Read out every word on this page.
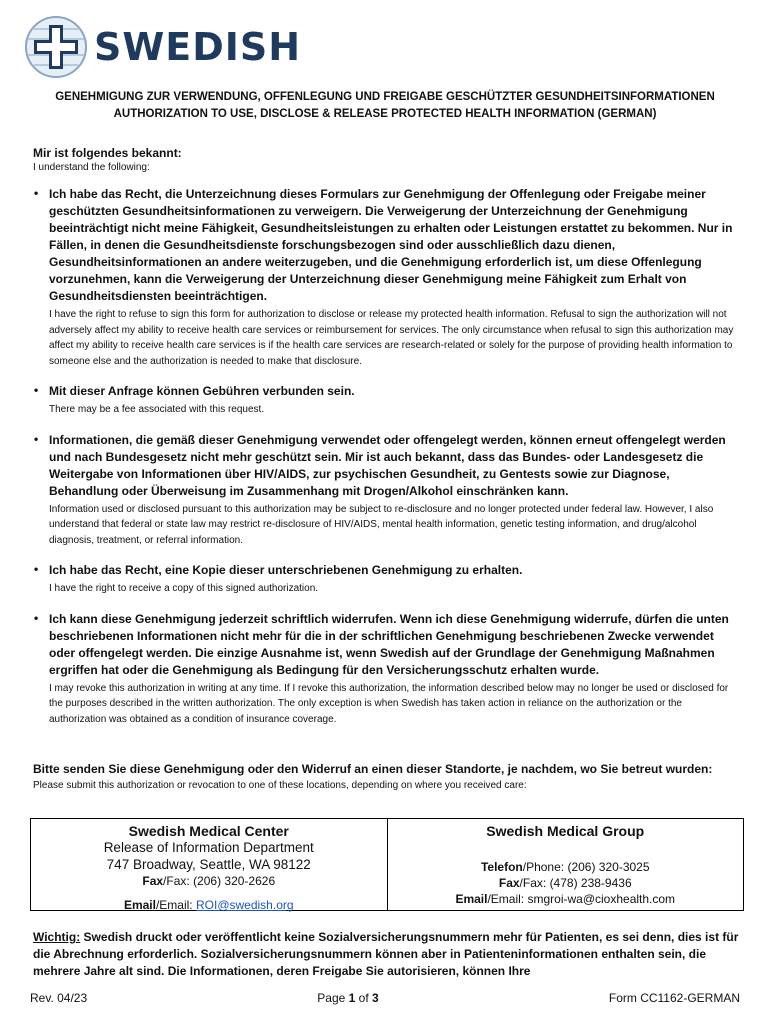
SWEDISH
GENEHMIGUNG ZUR VERWENDUNG, OFFENLEGUNG UND FREIGABE GESCHÜTZTER GESUNDHEITSINFORMATIONEN
AUTHORIZATION TO USE, DISCLOSE & RELEASE PROTECTED HEALTH INFORMATION (GERMAN)
Mir ist folgendes bekannt:
I understand the following:
• Ich habe das Recht, die Unterzeichnung dieses Formulars zur Genehmigung der Offenlegung oder Freigabe meiner geschützten Gesundheitsinformationen zu verweigern. Die Verweigerung der Unterzeichnung der Genehmigung beeinträchtigt nicht meine Fähigkeit, Gesundheitsleistungen zu erhalten oder Leistungen erstattet zu bekommen. Nur in Fällen, in denen die Gesundheitsdienste forschungsbezogen sind oder ausschließlich dazu dienen, Gesundheitsinformationen an andere weiterzugeben, und die Genehmigung erforderlich ist, um diese Offenlegung vorzunehmen, kann die Verweigerung der Unterzeichnung dieser Genehmigung meine Fähigkeit zum Erhalt von Gesundheitsdiensten beeinträchtigen.
I have the right to refuse to sign this form for authorization to disclose or release my protected health information. Refusal to sign the authorization will not adversely affect my ability to receive health care services or reimbursement for services. The only circumstance when refusal to sign this authorization may affect my ability to receive health care services is if the health care services are research-related or solely for the purpose of providing health information to someone else and the authorization is needed to make that disclosure.
• Mit dieser Anfrage können Gebühren verbunden sein.
There may be a fee associated with this request.
• Informationen, die gemäß dieser Genehmigung verwendet oder offengelegt werden, können erneut offengelegt werden und nach Bundesgesetz nicht mehr geschützt sein. Mir ist auch bekannt, dass das Bundes- oder Landesgesetz die Weitergabe von Informationen über HIV/AIDS, zur psychischen Gesundheit, zu Gentests sowie zur Diagnose, Behandlung oder Überweisung im Zusammenhang mit Drogen/Alkohol einschränken kann.
Information used or disclosed pursuant to this authorization may be subject to re-disclosure and no longer protected under federal law. However, I also understand that federal or state law may restrict re-disclosure of HIV/AIDS, mental health information, genetic testing information, and drug/alcohol diagnosis, treatment, or referral information.
• Ich habe das Recht, eine Kopie dieser unterschriebenen Genehmigung zu erhalten.
I have the right to receive a copy of this signed authorization.
• Ich kann diese Genehmigung jederzeit schriftlich widerrufen. Wenn ich diese Genehmigung widerrufe, dürfen die unten beschriebenen Informationen nicht mehr für die in der schriftlichen Genehmigung beschriebenen Zwecke verwendet oder offengelegt werden. Die einzige Ausnahme ist, wenn Swedish auf der Grundlage der Genehmigung Maßnahmen ergriffen hat oder die Genehmigung als Bedingung für den Versicherungsschutz erhalten wurde.
I may revoke this authorization in writing at any time. If I revoke this authorization, the information described below may no longer be used or disclosed for the purposes described in the written authorization. The only exception is when Swedish has taken action in reliance on the authorization or the authorization was obtained as a condition of insurance coverage.
Bitte senden Sie diese Genehmigung oder den Widerruf an einen dieser Standorte, je nachdem, wo Sie betreut wurden:
Please submit this authorization or revocation to one of these locations, depending on where you received care:
Swedish Medical Center
Release of Information Department
747 Broadway, Seattle, WA 98122
Fax/Fax: (206) 320-2626
Email/Email: ROI@swedish.org
Swedish Medical Group
Telefon/Phone: (206) 320-3025
Fax/Fax: (478) 238-9436
Email/Email: smgroi-wa@cioxhealth.com
Wichtig: Swedish druckt oder veröffentlicht keine Sozialversicherungsnummern mehr für Patienten, es sei denn, dies ist für die Abrechnung erforderlich. Sozialversicherungsnummern können aber in Patienteninformationen enthalten sein, die mehrere Jahre alt sind. Die Informationen, deren Freigabe Sie autorisieren, können Ihre
Rev. 04/23	Page 1 of 3	Form CC1162-GERMAN
